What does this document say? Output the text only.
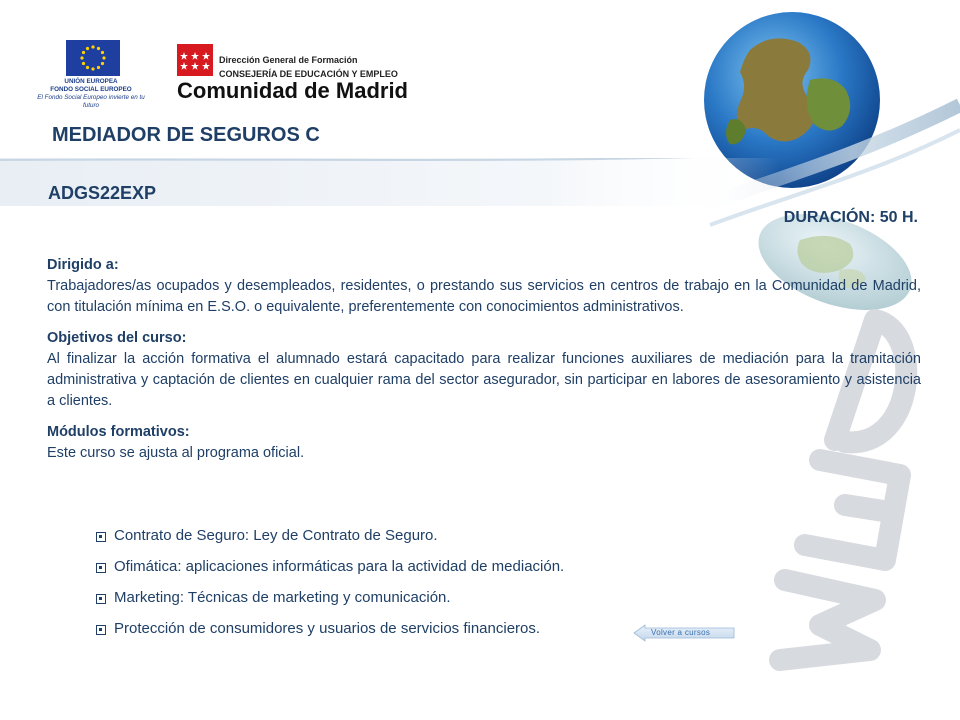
UNIÓN EUROPEA
FONDO SOCIAL EUROPEO
El Fondo Social Europeo invierte en tu futuro
Dirección General de Formación
CONSEJERÍA DE EDUCACIÓN Y EMPLEO
Comunidad de Madrid
MEDIADOR DE SEGUROS C
ADGS22EXP
DURACIÓN: 50 H.
Dirigido a:

Trabajadores/as ocupados y desempleados, residentes, o prestando sus servicios en centros de trabajo en la Comunidad de Madrid, con titulación mínima en E.S.O. o equivalente, preferentemente con conocimientos administrativos.

Objetivos del curso:

Al finalizar la acción formativa el alumnado estará capacitado para realizar funciones auxiliares de mediación para la tramitación administrativa y captación de clientes en cualquier rama del sector asegurador, sin participar en labores de asesoramiento y asistencia a clientes.

Módulos formativos:

Este curso se ajusta al programa oficial.

Contrato de Seguro: Ley de Contrato de Seguro.
Ofimática: aplicaciones informáticas para la actividad de mediación.
Marketing: Técnicas de marketing y comunicación.
Protección de consumidores y usuarios de servicios financieros.	Volver a cursos
